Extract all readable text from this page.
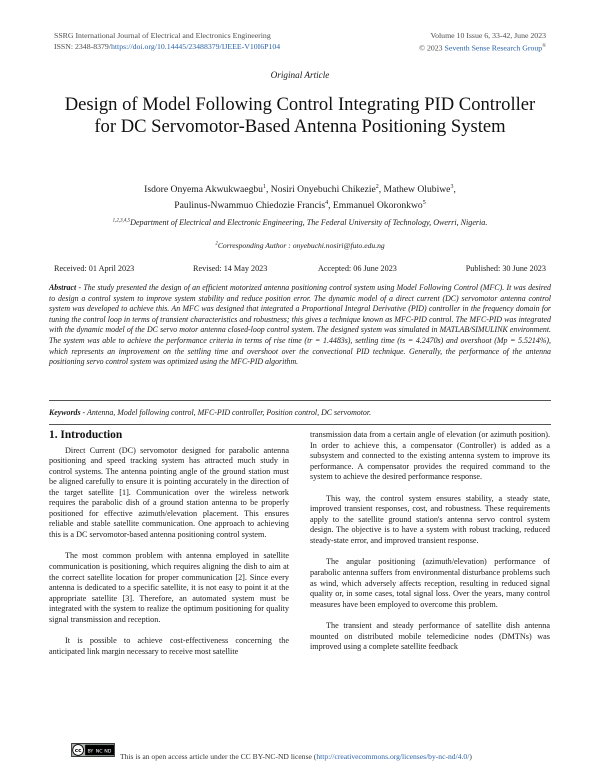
SSRG International Journal of Electrical and Electronics Engineering
ISSN: 2348-8379/https://doi.org/10.14445/23488379/IJEEE-V10I6P104
Volume 10 Issue 6, 33-42, June 2023
© 2023 Seventh Sense Research Group®
Original Article
Design of Model Following Control Integrating PID Controller for DC Servomotor-Based Antenna Positioning System
Isdore Onyema Akwukwaegbu$^1$, Nosiri Onyebuchi Chikezie$^2$, Mathew Olubiwe$^3$,
Paulinus-Nwammuo Chiedozie Francis$^4$, Emmanuel Okoronkwo$^5$
$^{1,2,3,4,5}$Department of Electrical and Electronic Engineering, The Federal University of Technology, Owerri, Nigeria.
$^2$Corresponding Author : onyebuchi.nosiri@futo.edu.ng
Received: 01 April 2023	Revised: 14 May 2023	Accepted: 06 June 2023	Published: 30 June 2023
Abstract - The study presented the design of an efficient motorized antenna positioning control system using Model Following Control (MFC). It was desired to design a control system to improve system stability and reduce position error. The dynamic model of a direct current (DC) servomotor antenna control system was developed to achieve this. An MFC was designed that integrated a Proportional Integral Derivative (PID) controller in the frequency domain for tuning the control loop in terms of transient characteristics and robustness; this gives a technique known as MFC-PID control. The MFC-PID was integrated with the dynamic model of the DC servo motor antenna closed-loop control system. The designed system was simulated in MATLAB/SIMULINK environment. The system was able to achieve the performance criteria in terms of rise time (tr = 1.4483s), settling time (ts = 4.2470s) and overshoot (Mp = 5.5214%), which represents an improvement on the settling time and overshoot over the convectional PID technique. Generally, the performance of the antenna positioning servo control system was optimized using the MFC-PID algorithm.
Keywords - Antenna, Model following control, MFC-PID controller, Position control, DC servomotor.
1. Introduction

Direct Current (DC) servomotor designed for parabolic antenna positioning and speed tracking system has attracted much study in control systems. The antenna pointing angle of the ground station must be aligned carefully to ensure it is pointing accurately in the direction of the target satellite [1]. Communication over the wireless network requires the parabolic dish of a ground station antenna to be properly positioned for effective azimuth/elevation placement. This ensures reliable and stable satellite communication. One approach to achieving this is a DC servomotor-based antenna positioning control system.

The most common problem with antenna employed in satellite communication is positioning, which requires aligning the dish to aim at the correct satellite location for proper communication [2]. Since every antenna is dedicated to a specific satellite, it is not easy to point it at the appropriate satellite [3]. Therefore, an automated system must be integrated with the system to realize the optimum positioning for quality signal transmission and reception.

It is possible to achieve cost-effectiveness concerning the anticipated link margin necessary to receive most satellite

transmission data from a certain angle of elevation (or azimuth position). In order to achieve this, a compensator (Controller) is added as a subsystem and connected to the existing antenna system to improve its performance. A compensator provides the required command to the system to achieve the desired performance response.

This way, the control system ensures stability, a steady state, improved transient responses, cost, and robustness. These requirements apply to the satellite ground station's antenna servo control system design. The objective is to have a system with robust tracking, reduced steady-state error, and improved transient response.

The angular positioning (azimuth/elevation) performance of parabolic antenna suffers from environmental disturbance problems such as wind, which adversely affects reception, resulting in reduced signal quality or, in some cases, total signal loss. Over the years, many control measures have been employed to overcome this problem.

The transient and steady performance of satellite dish antenna mounted on distributed mobile telemedicine nodes (DMTNs) was improved using a complete satellite feedback

cc BY NC ND This is an open access article under the CC BY-NC-ND license (http://creativecommons.org/licenses/by-nc-nd/4.0/)
